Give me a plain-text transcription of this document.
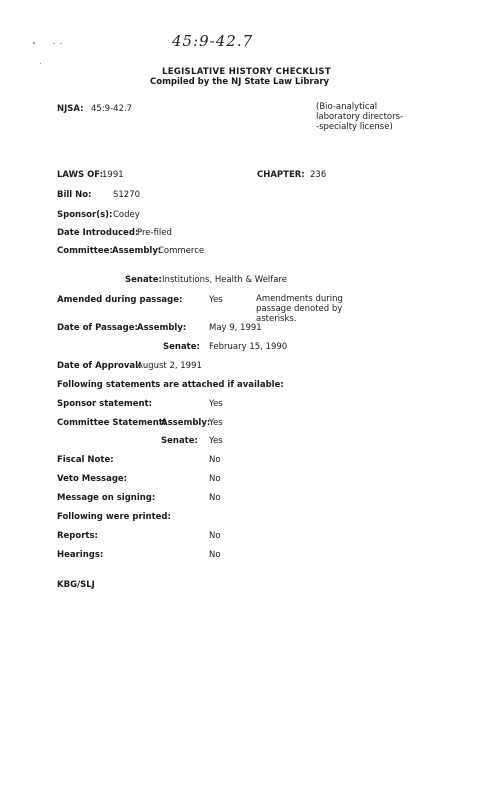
45:9-42.7
LEGISLATIVE HISTORY CHECKLIST
Compiled by the NJ State Law Library
NJSA: 45:9-42.7	(Bio-analytical laboratory directors--specialty license)
LAWS OF:
1991	CHAPTER: 236
Bill No:	S1270
Sponsor(s): Codey
Date Introduced:
Pre-filed
Committee: Assembly:
Commerce
Senate: Institutions, Health & Welfare
Amended during passage:	Yes	Amendments during passage denoted by asterisks.
Date of Passage: Assembly:	May 9, 1991
Senate: February 15, 1990
Date of Approval:
August 2, 1991
Following statements are attached if available:
Sponsor statement:	Yes
Committee Statement:
Assembly:
Yes
Senate: Yes
Fiscal Note:	No
Veto Message:	No
Message on signing:	No
Following were printed:
Reports:	No
Hearings:	No
KBG/SLJ
